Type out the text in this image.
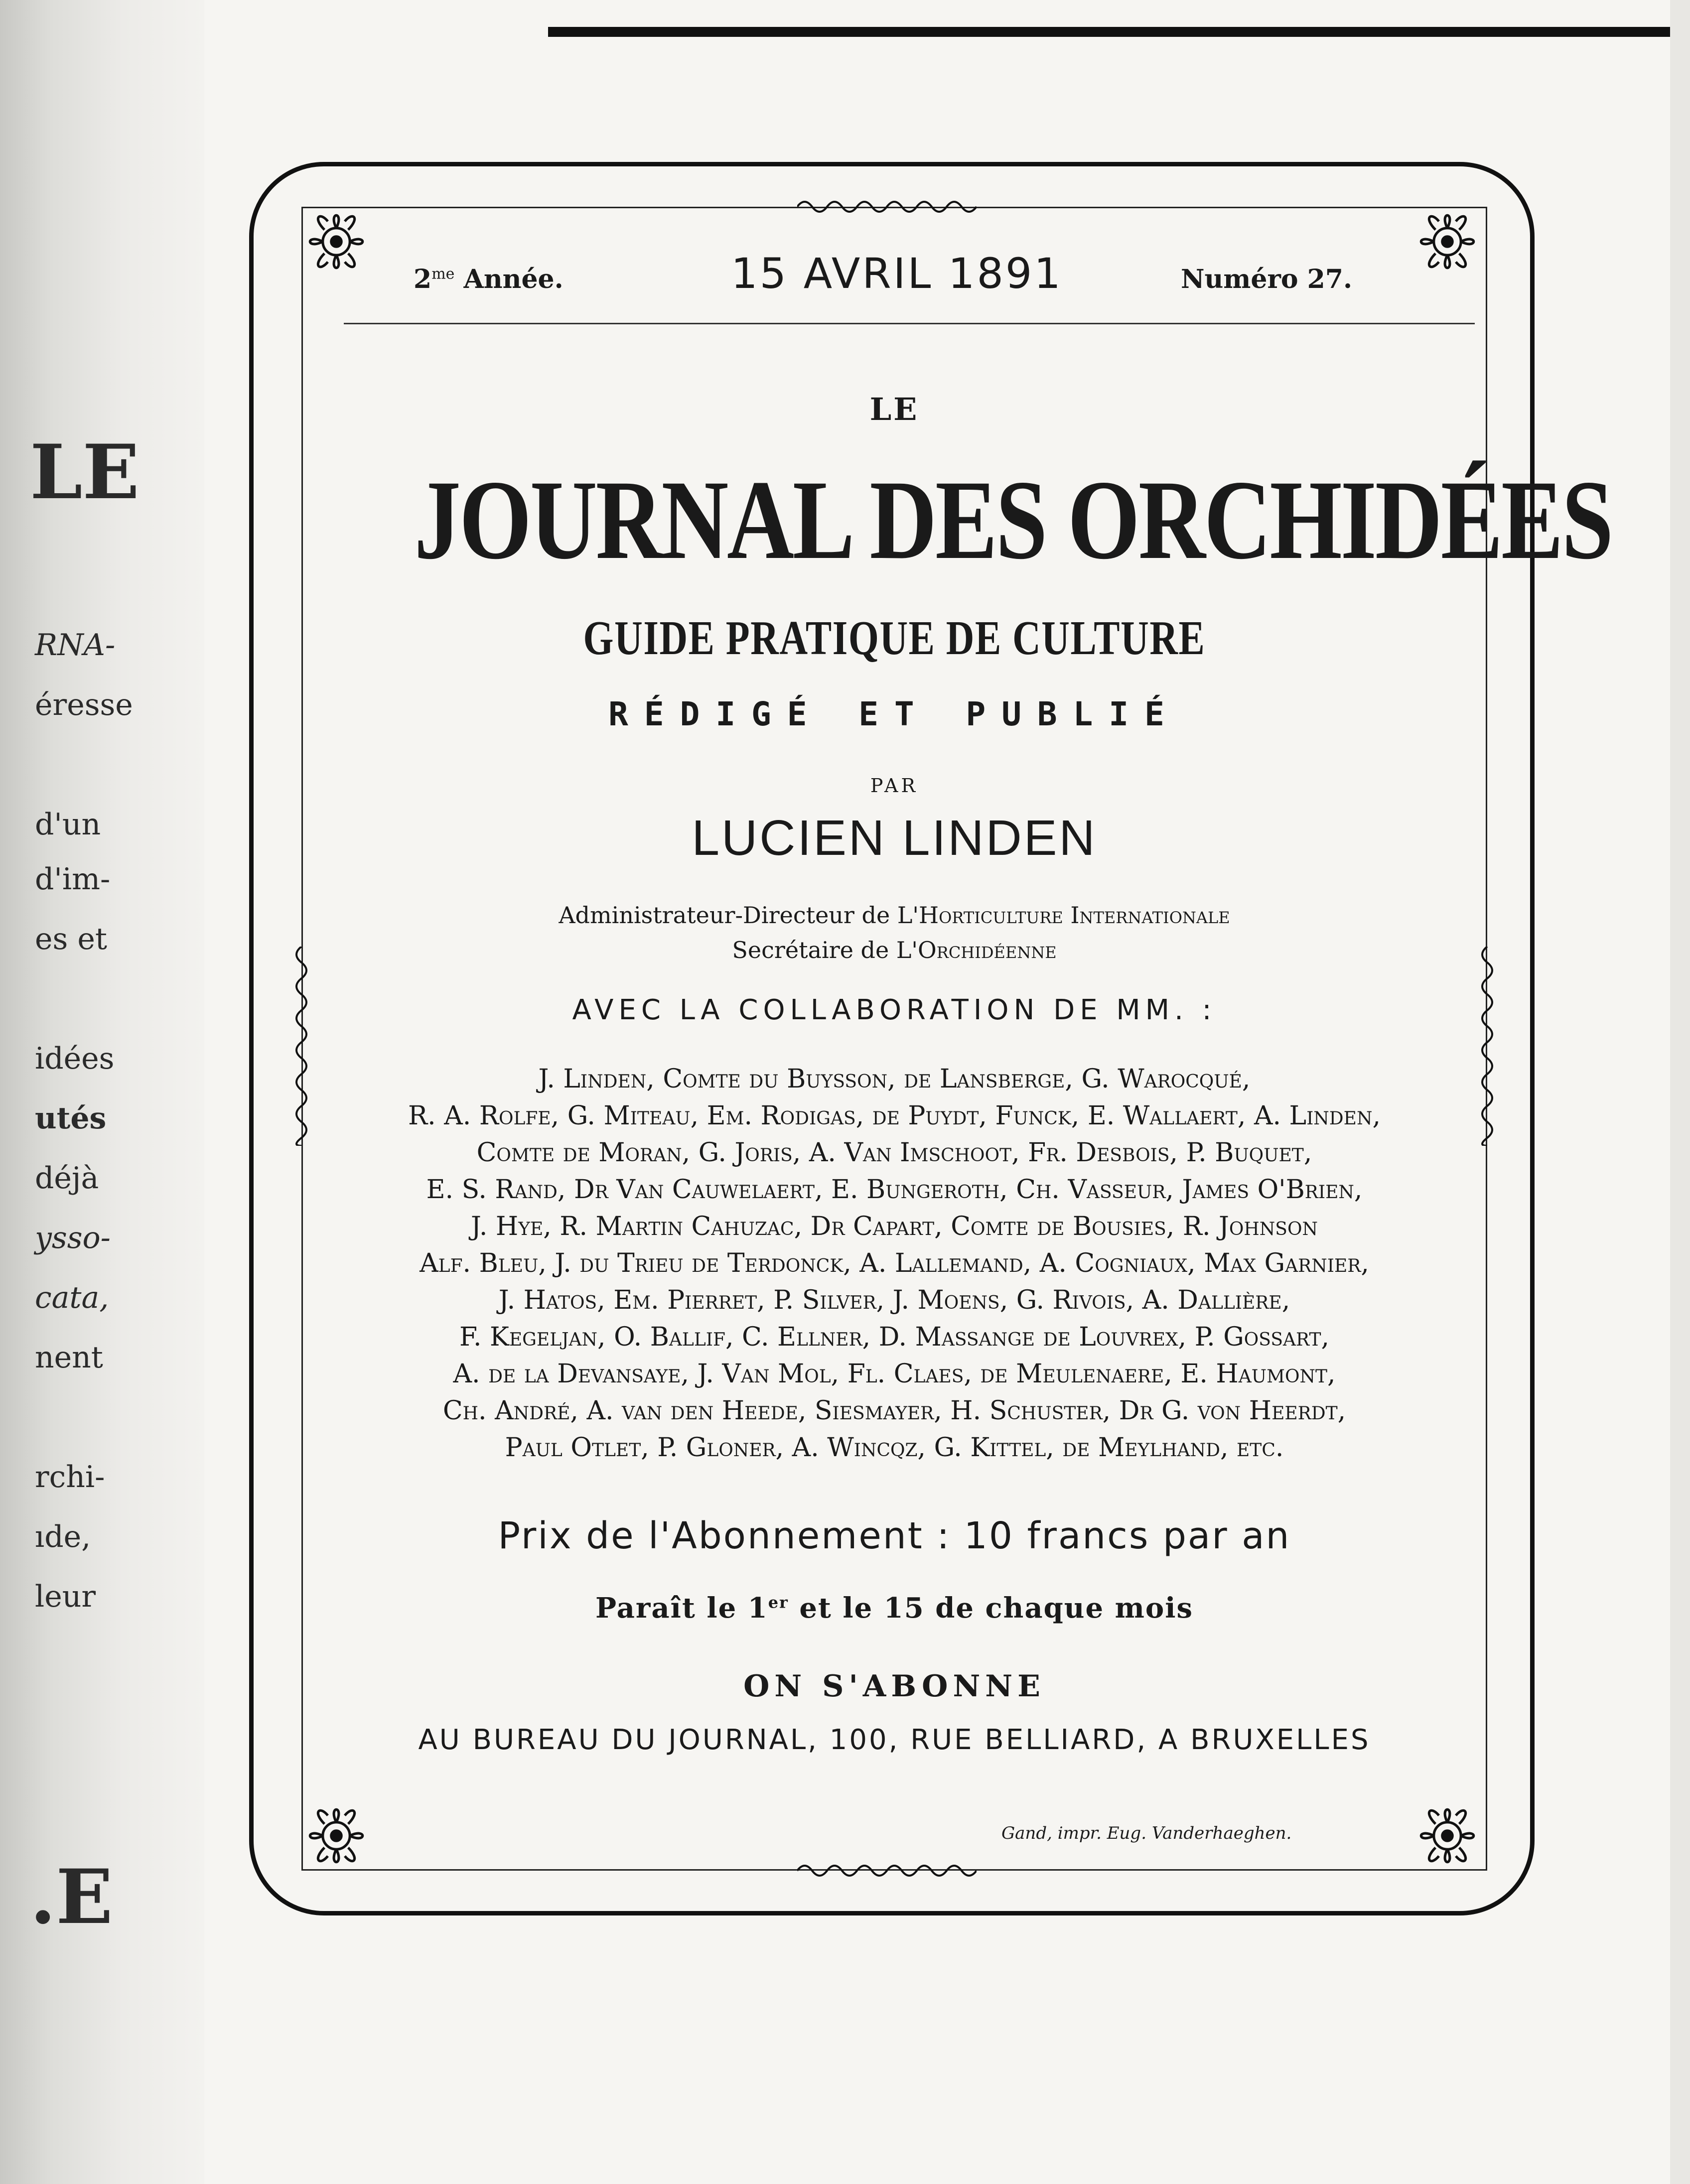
LE
RNA-
éresse
d'un
d'im-
es et
idées
utés
déjà
ysso-
cata,
nent
rchi-
ıde,
leur
.E
$2^{me}$ Année.	15 AVRIL 1891	Numéro 27.
LE
JOURNAL DES ORCHIDÉES
GUIDE PRATIQUE DE CULTURE
RÉDIGÉ ET PUBLIÉ
PAR
LUCIEN LINDEN
Administrateur-Directeur de L'Horticulture Internationale
Secrétaire de L'Orchidéenne
AVEC LA COLLABORATION DE MM. :
J. Linden, Comte du Buysson, de Lansberge, G. Warocqué,
R. A. Rolfe, G. Miteau, Em. Rodigas, de Puydt, Funck, E. Wallaert, A. Linden,
Comte de Moran, G. Joris, A. Van Imschoot, Fr. Desbois, P. Buquet,
E. S. Rand, Dr Van Cauwelaert, E. Bungeroth, Ch. Vasseur, James O'Brien,
J. Hye, R. Martin Cahuzac, Dr Capart, Comte de Bousies, R. Johnson
Alf. Bleu, J. du Trieu de Terdonck, A. Lallemand, A. Cogniaux, Max Garnier,
J. Hatos, Em. Pierret, P. Silver, J. Moens, G. Rivois, A. Dallière,
F. Kegeljan, O. Ballif, C. Ellner, D. Massange de Louvrex, P. Gossart,
A. de la Devansaye, J. Van Mol, Fl. Claes, de Meulenaere, E. Haumont,
Ch. André, A. van den Heede, Siesmayer, H. Schuster, Dr G. von Heerdt,
Paul Otlet, P. Gloner, A. Wincqz, G. Kittel, de Meylhand, etc.
Prix de l'Abonnement : 10 francs par an
Paraît le 1er et le 15 de chaque mois
ON S'ABONNE
AU BUREAU DU JOURNAL, 100, RUE BELLIARD, A BRUXELLES
Gand, impr. Eug. Vanderhaeghen.
